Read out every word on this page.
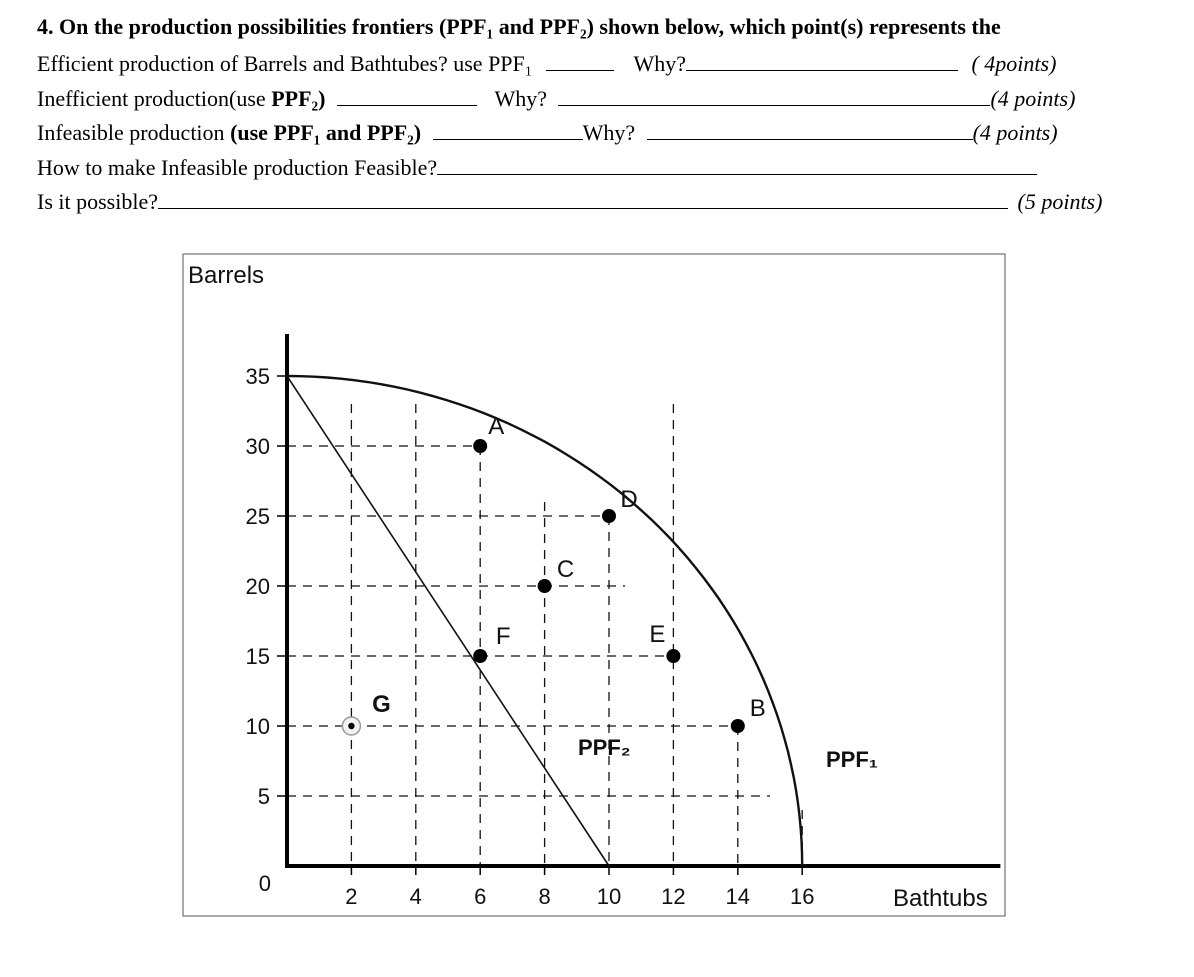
4. On the production possibilities frontiers (PPF₁ and PPF₂) shown below, which point(s) represents the
Efficient production of Barrels and Bathtubes? use PPF₁	Why?	( 4points)
Inefficient production(use PPF₂)	Why?	(4 points)
Infeasible production (use PPF₁ and PPF₂)	Why?	(4 points)
How to make Infeasible production Feasible?
Is it possible?	(5 points)
Barrels
Bathtubs
0
5
10
15
20
25
30
35
2 4 6 8 10 12 14 16
A
D
C
F	E
B
G
PPF₁
PPF₂
